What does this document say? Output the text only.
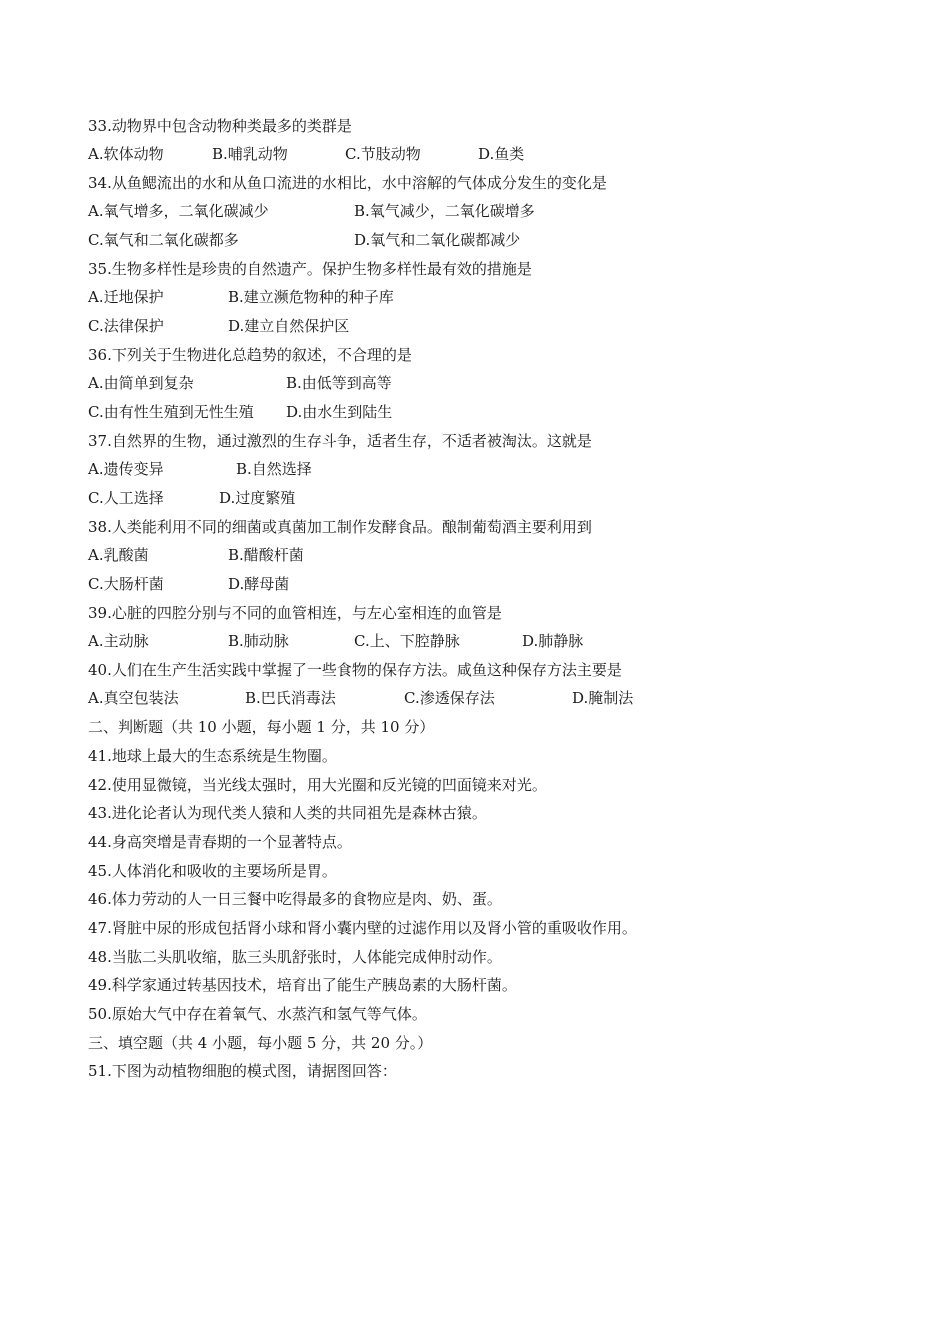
33.动物界中包含动物种类最多的类群是
A.软体动物	B.哺乳动物	C.节肢动物	D.鱼类
34.从鱼鳃流出的水和从鱼口流进的水相比，水中溶解的气体成分发生的变化是
A.氧气增多，二氧化碳减少	B.氧气减少，二氧化碳增多
C.氧气和二氧化碳都多	D.氧气和二氧化碳都减少
35.生物多样性是珍贵的自然遗产。保护生物多样性最有效的措施是
A.迁地保护	B.建立濒危物种的种子库
C.法律保护	D.建立自然保护区
36.下列关于生物进化总趋势的叙述，不合理的是
A.由简单到复杂	B.由低等到高等
C.由有性生殖到无性生殖 D.由水生到陆生
37.自然界的生物，通过激烈的生存斗争，适者生存，不适者被淘汰。这就是
A.遗传变异	B.自然选择
C.人工选择	D.过度繁殖
38.人类能利用不同的细菌或真菌加工制作发酵食品。酿制葡萄酒主要利用到
A.乳酸菌	B.醋酸杆菌
C.大肠杆菌	D.酵母菌
39.心脏的四腔分别与不同的血管相连，与左心室相连的血管是
A.主动脉	B.肺动脉	C.上、下腔静脉	D.肺静脉
40.人们在生产生活实践中掌握了一些食物的保存方法。咸鱼这种保存方法主要是
A.真空包装法	B.巴氏消毒法	C.渗透保存法	D.腌制法
二、判断题（共 10 小题，每小题 1 分，共 10 分）
41.地球上最大的生态系统是生物圈。
42.使用显微镜，当光线太强时，用大光圈和反光镜的凹面镜来对光。
43.进化论者认为现代类人猿和人类的共同祖先是森林古猿。
44.身高突增是青春期的一个显著特点。
45.人体消化和吸收的主要场所是胃。
46.体力劳动的人一日三餐中吃得最多的食物应是肉、奶、蛋。
47.肾脏中尿的形成包括肾小球和肾小囊内壁的过滤作用以及肾小管的重吸收作用。
48.当肱二头肌收缩，肱三头肌舒张时，人体能完成伸肘动作。
49.科学家通过转基因技术，培育出了能生产胰岛素的大肠杆菌。
50.原始大气中存在着氧气、水蒸汽和氢气等气体。
三、填空题（共 4 小题，每小题 5 分，共 20 分。）
51.下图为动植物细胞的模式图，请据图回答：
